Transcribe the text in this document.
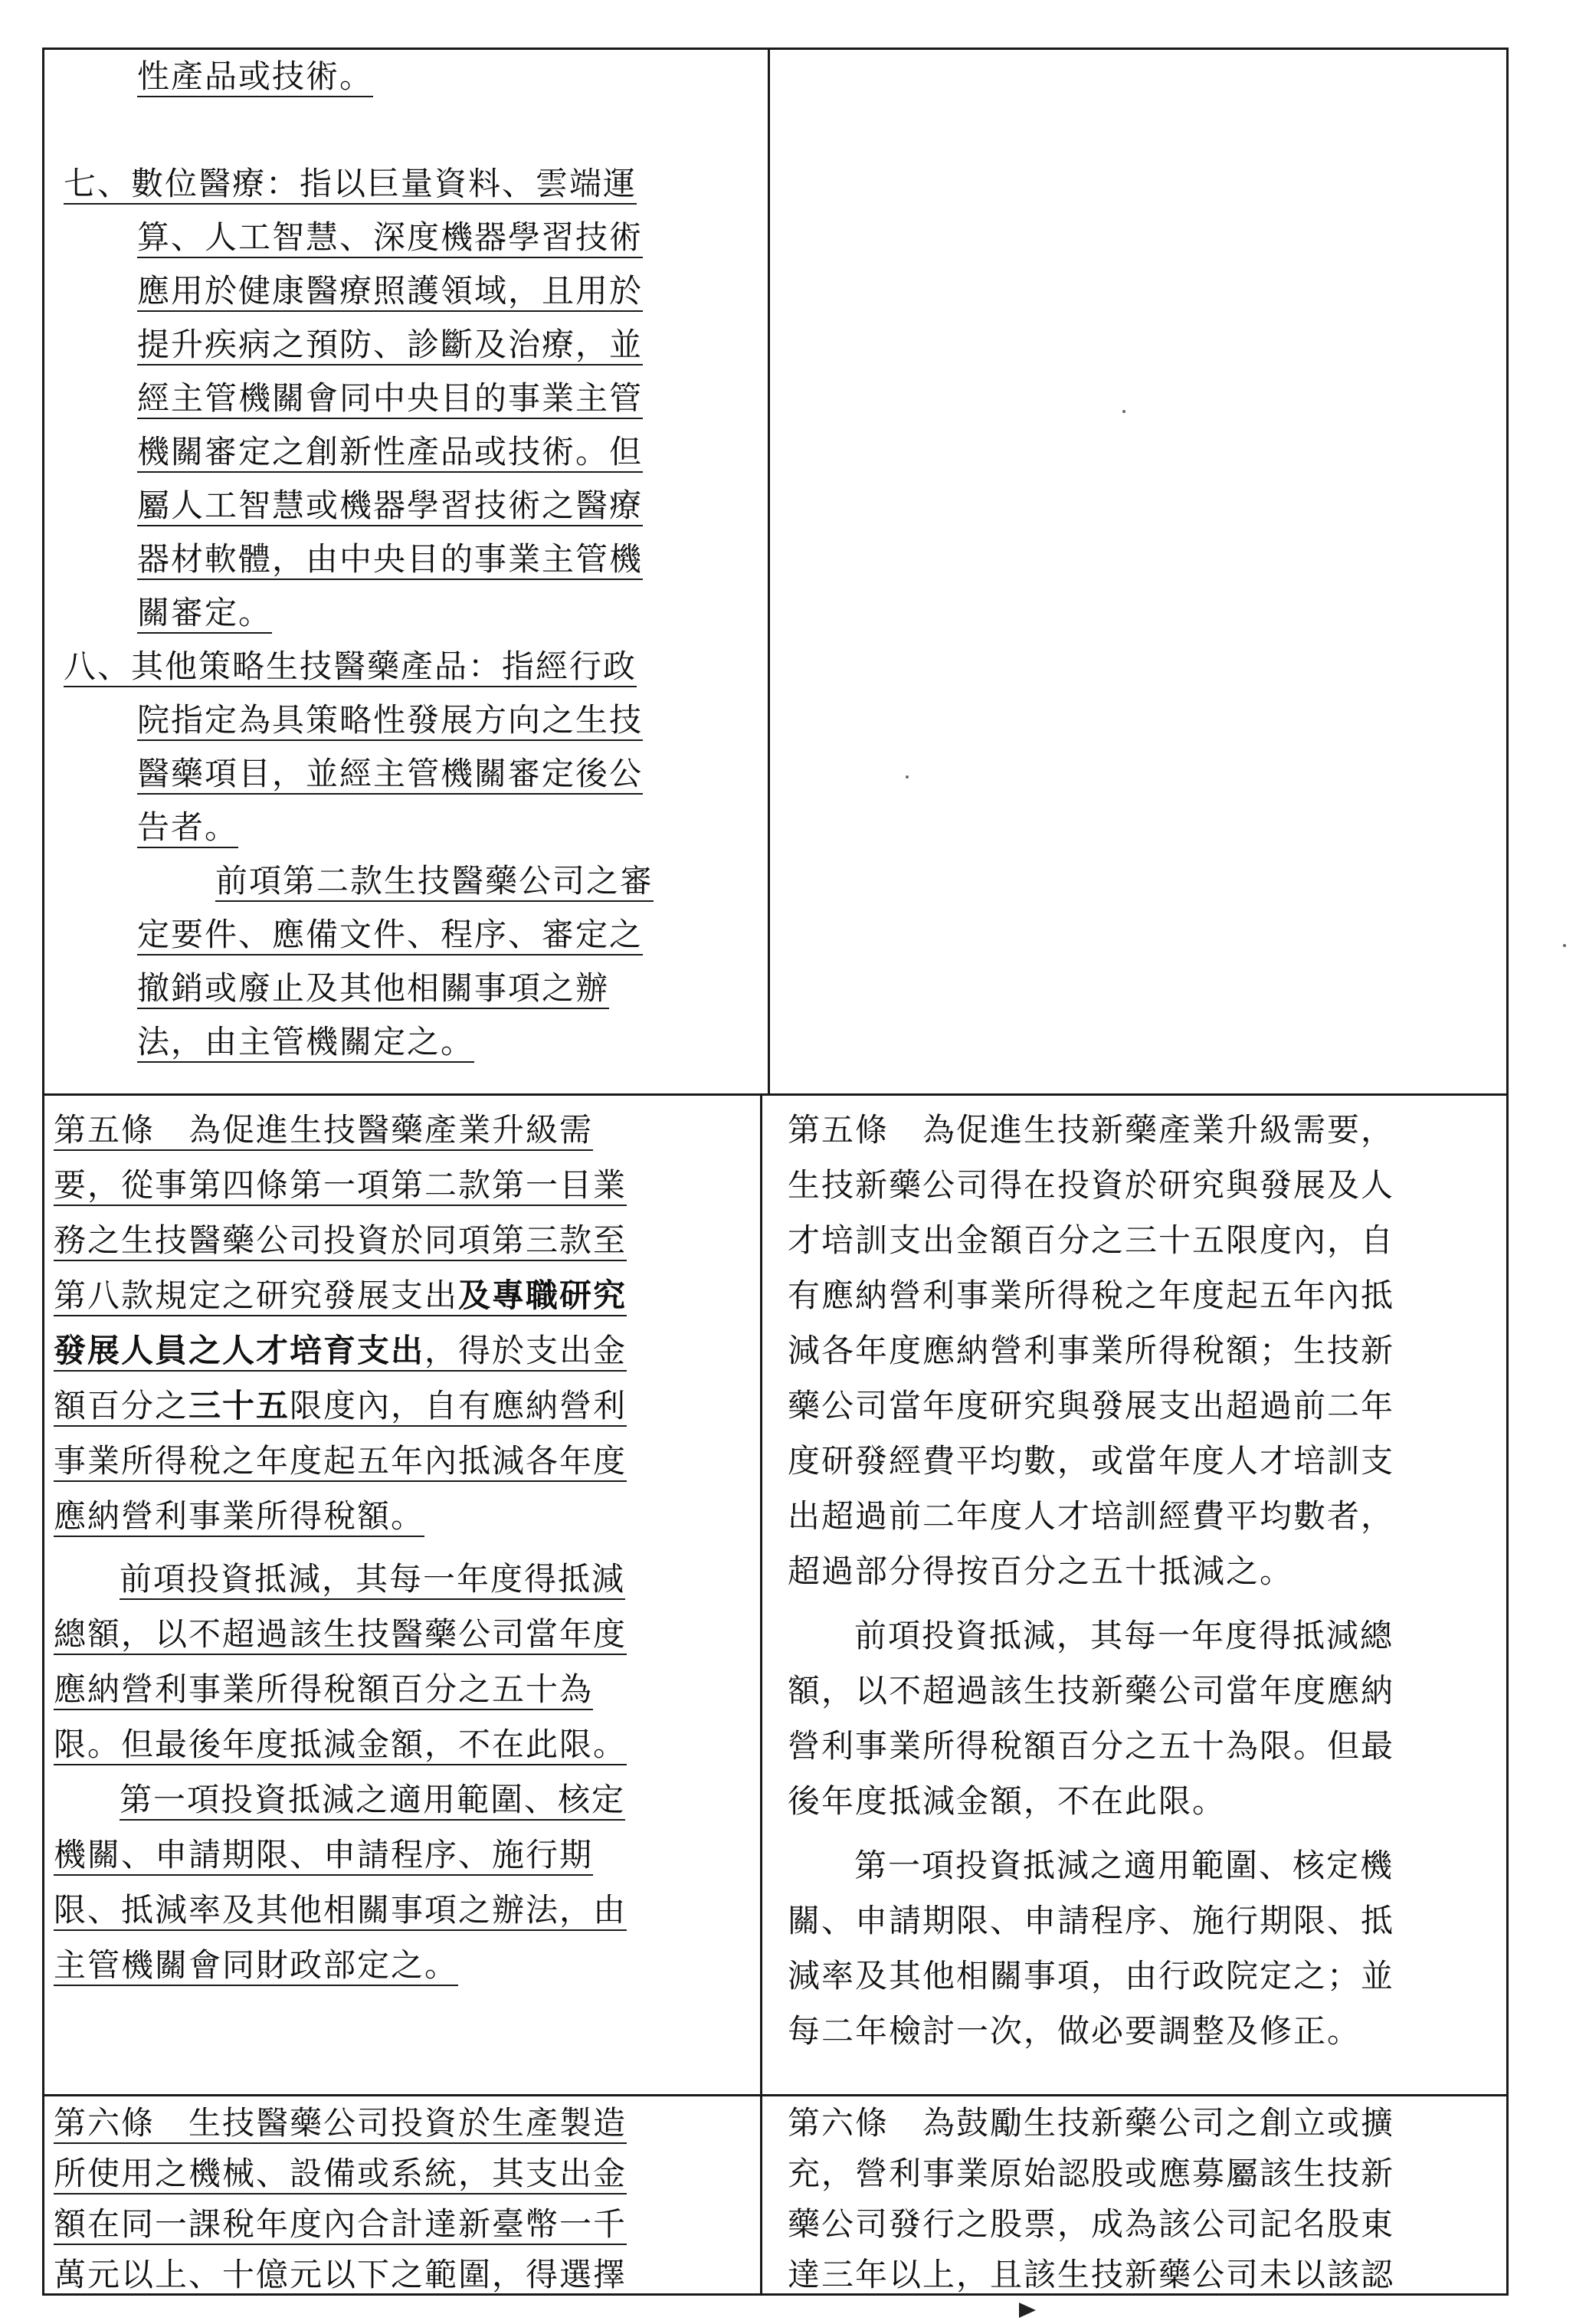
性產品或技術。
七、數位醫療：指以巨量資料、雲端運
算、人工智慧、深度機器學習技術
應用於健康醫療照護領域，且用於
提升疾病之預防、診斷及治療，並
經主管機關會同中央目的事業主管
機關審定之創新性產品或技術。但
屬人工智慧或機器學習技術之醫療
器材軟體，由中央目的事業主管機
關審定。
八、其他策略生技醫藥產品：指經行政
院指定為具策略性發展方向之生技
醫藥項目，並經主管機關審定後公
告者。
前項第二款生技醫藥公司之審
定要件、應備文件、程序、審定之
撤銷或廢止及其他相關事項之辦
法，由主管機關定之。
第五條　為促進生技醫藥產業升級需
要，從事第四條第一項第二款第一目業
務之生技醫藥公司投資於同項第三款至
第八款規定之研究發展支出及專職研究
發展人員之人才培育支出，得於支出金
額百分之三十五限度內，自有應納營利
事業所得稅之年度起五年內抵減各年度
應納營利事業所得稅額。
前項投資抵減，其每一年度得抵減
總額，以不超過該生技醫藥公司當年度
應納營利事業所得稅額百分之五十為
限。但最後年度抵減金額，不在此限。
第一項投資抵減之適用範圍、核定
機關、申請期限、申請程序、施行期
限、抵減率及其他相關事項之辦法，由
主管機關會同財政部定之。
第五條　為促進生技新藥產業升級需要，
生技新藥公司得在投資於研究與發展及人
才培訓支出金額百分之三十五限度內，自
有應納營利事業所得稅之年度起五年內抵
減各年度應納營利事業所得稅額；生技新
藥公司當年度研究與發展支出超過前二年
度研發經費平均數，或當年度人才培訓支
出超過前二年度人才培訓經費平均數者，
超過部分得按百分之五十抵減之。
前項投資抵減，其每一年度得抵減總
額，以不超過該生技新藥公司當年度應納
營利事業所得稅額百分之五十為限。但最
後年度抵減金額，不在此限。
第一項投資抵減之適用範圍、核定機
關、申請期限、申請程序、施行期限、抵
減率及其他相關事項，由行政院定之；並
每二年檢討一次，做必要調整及修正。
第六條　生技醫藥公司投資於生產製造
所使用之機械、設備或系統，其支出金
額在同一課稅年度內合計達新臺幣一千
萬元以上、十億元以下之範圍，得選擇
第六條　為鼓勵生技新藥公司之創立或擴
充，營利事業原始認股或應募屬該生技新
藥公司發行之股票，成為該公司記名股東
達三年以上，且該生技新藥公司未以該認
